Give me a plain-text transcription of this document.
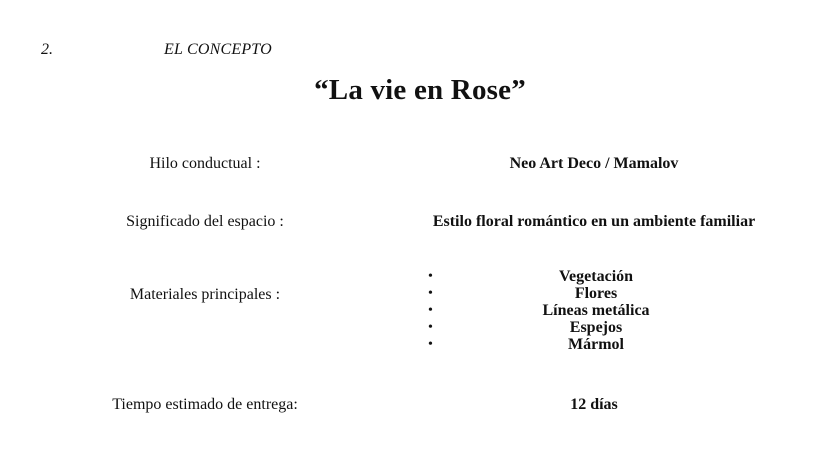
2.	EL CONCEPTO
“La vie en Rose”
Hilo conductual :	Neo Art Deco / Mamalov
Significado del espacio :	Estilo floral romántico en un ambiente familiar
Materiales principales :
•	Vegetación
•	Flores
•	Líneas metálica
•	Espejos
•	Mármol
Tiempo estimado de entrega:	12 días
